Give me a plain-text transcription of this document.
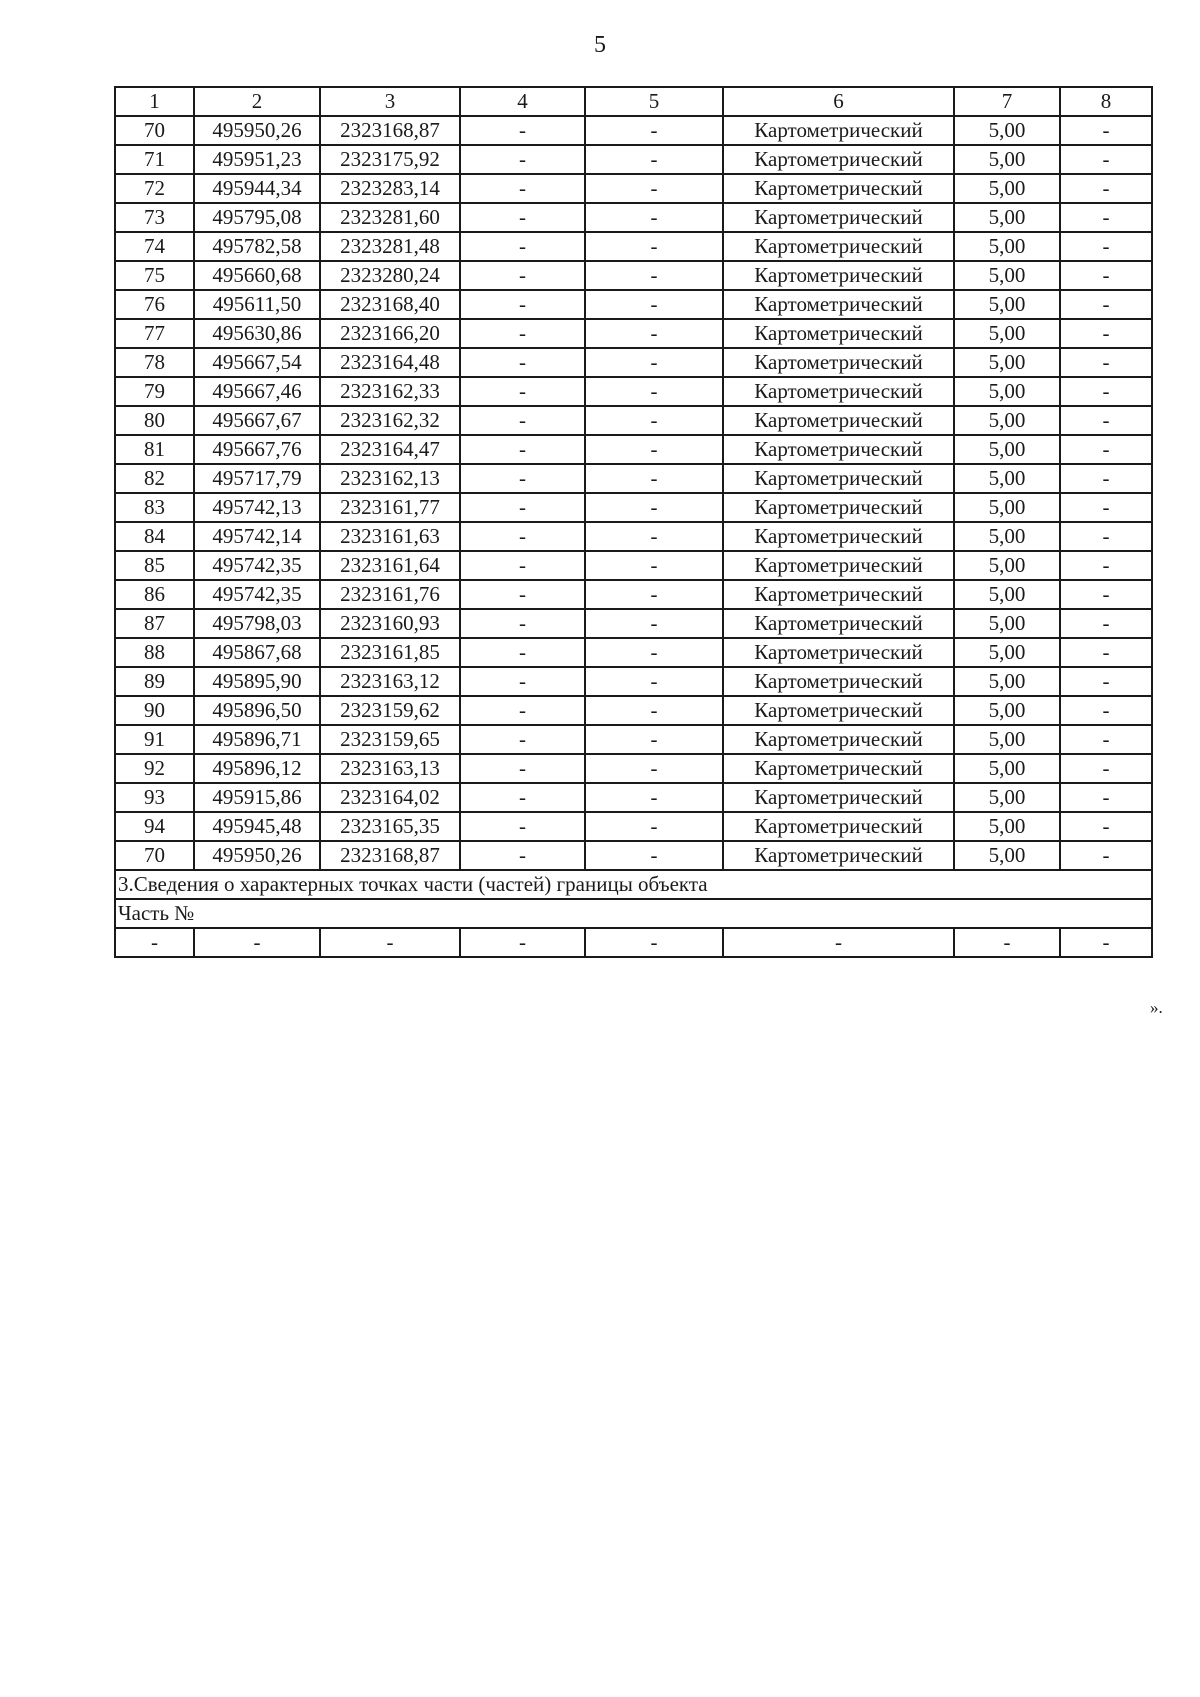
5
1	2	3	4	5	6	7	8
70	495950,26	2323168,87	-	-	Картометрический	5,00	-
71	495951,23	2323175,92	-	-	Картометрический	5,00	-
72	495944,34	2323283,14	-	-	Картометрический	5,00	-
73	495795,08	2323281,60	-	-	Картометрический	5,00	-
74	495782,58	2323281,48	-	-	Картометрический	5,00	-
75	495660,68	2323280,24	-	-	Картометрический	5,00	-
76	495611,50	2323168,40	-	-	Картометрический	5,00	-
77	495630,86	2323166,20	-	-	Картометрический	5,00	-
78	495667,54	2323164,48	-	-	Картометрический	5,00	-
79	495667,46	2323162,33	-	-	Картометрический	5,00	-
80	495667,67	2323162,32	-	-	Картометрический	5,00	-
81	495667,76	2323164,47	-	-	Картометрический	5,00	-
82	495717,79	2323162,13	-	-	Картометрический	5,00	-
83	495742,13	2323161,77	-	-	Картометрический	5,00	-
84	495742,14	2323161,63	-	-	Картометрический	5,00	-
85	495742,35	2323161,64	-	-	Картометрический	5,00	-
86	495742,35	2323161,76	-	-	Картометрический	5,00	-
87	495798,03	2323160,93	-	-	Картометрический	5,00	-
88	495867,68	2323161,85	-	-	Картометрический	5,00	-
89	495895,90	2323163,12	-	-	Картометрический	5,00	-
90	495896,50	2323159,62	-	-	Картометрический	5,00	-
91	495896,71	2323159,65	-	-	Картометрический	5,00	-
92	495896,12	2323163,13	-	-	Картометрический	5,00	-
93	495915,86	2323164,02	-	-	Картометрический	5,00	-
94	495945,48	2323165,35	-	-	Картометрический	5,00	-
70	495950,26	2323168,87	-	-	Картометрический	5,00	-
3.Сведения о характерных точках части (частей) границы объекта							
Часть №							
-	-	-	-	-	-	-	-
».
